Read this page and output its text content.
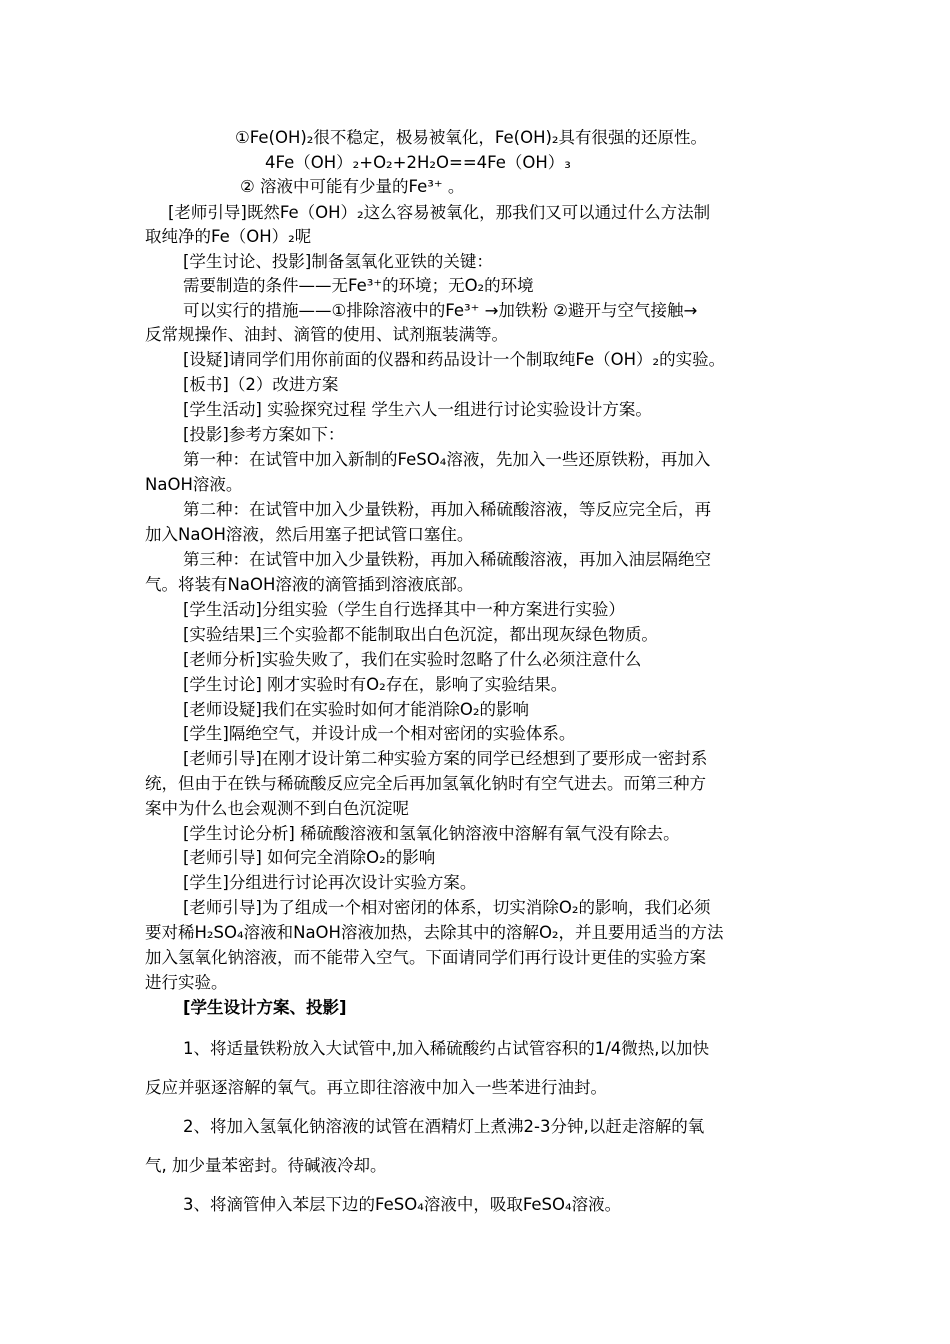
①Fe(OH)₂很不稳定，极易被氧化，Fe(OH)₂具有很强的还原性。
4Fe（OH）₂+O₂+2H₂O==4Fe（OH）₃
② 溶液中可能有少量的Fe³⁺ 。
[老师引导]既然Fe（OH）₂这么容易被氧化，那我们又可以通过什么方法制
取纯净的Fe（OH）₂呢
[学生讨论、投影]制备氢氧化亚铁的关键：
需要制造的条件——无Fe³⁺的环境；无O₂的环境
可以实行的措施——①排除溶液中的Fe³⁺ →加铁粉 ②避开与空气接触→
反常规操作、油封、滴管的使用、试剂瓶装满等。
[设疑]请同学们用你前面的仪器和药品设计一个制取纯Fe（OH）₂的实验。
[板书]（2）改进方案
[学生活动] 实验探究过程 学生六人一组进行讨论实验设计方案。
[投影]参考方案如下：
第一种：在试管中加入新制的FeSO₄溶液，先加入一些还原铁粉，再加入
NaOH溶液。
第二种：在试管中加入少量铁粉，再加入稀硫酸溶液，等反应完全后，再
加入NaOH溶液，然后用塞子把试管口塞住。
第三种：在试管中加入少量铁粉，再加入稀硫酸溶液，再加入油层隔绝空
气。将装有NaOH溶液的滴管插到溶液底部。
[学生活动]分组实验（学生自行选择其中一种方案进行实验）
[实验结果]三个实验都不能制取出白色沉淀，都出现灰绿色物质。
[老师分析]实验失败了，我们在实验时忽略了什么必须注意什么
[学生讨论] 刚才实验时有O₂存在，影响了实验结果。
[老师设疑]我们在实验时如何才能消除O₂的影响
[学生]隔绝空气，并设计成一个相对密闭的实验体系。
[老师引导]在刚才设计第二种实验方案的同学已经想到了要形成一密封系
统，但由于在铁与稀硫酸反应完全后再加氢氧化钠时有空气进去。而第三种方
案中为什么也会观测不到白色沉淀呢
[学生讨论分析] 稀硫酸溶液和氢氧化钠溶液中溶解有氧气没有除去。
[老师引导] 如何完全消除O₂的影响
[学生]分组进行讨论再次设计实验方案。
[老师引导]为了组成一个相对密闭的体系，切实消除O₂的影响，我们必须
要对稀H₂SO₄溶液和NaOH溶液加热，去除其中的溶解O₂，并且要用适当的方法
加入氢氧化钠溶液，而不能带入空气。下面请同学们再行设计更佳的实验方案
进行实验。
[学生设计方案、投影]
1、将适量铁粉放入大试管中,加入稀硫酸约占试管容积的1/4微热,以加快
反应并驱逐溶解的氧气。再立即往溶液中加入一些苯进行油封。
2、将加入氢氧化钠溶液的试管在酒精灯上煮沸2-3分钟,以赶走溶解的氧
气, 加少量苯密封。待碱液冷却。
3、将滴管伸入苯层下边的FeSO₄溶液中，吸取FeSO₄溶液。
